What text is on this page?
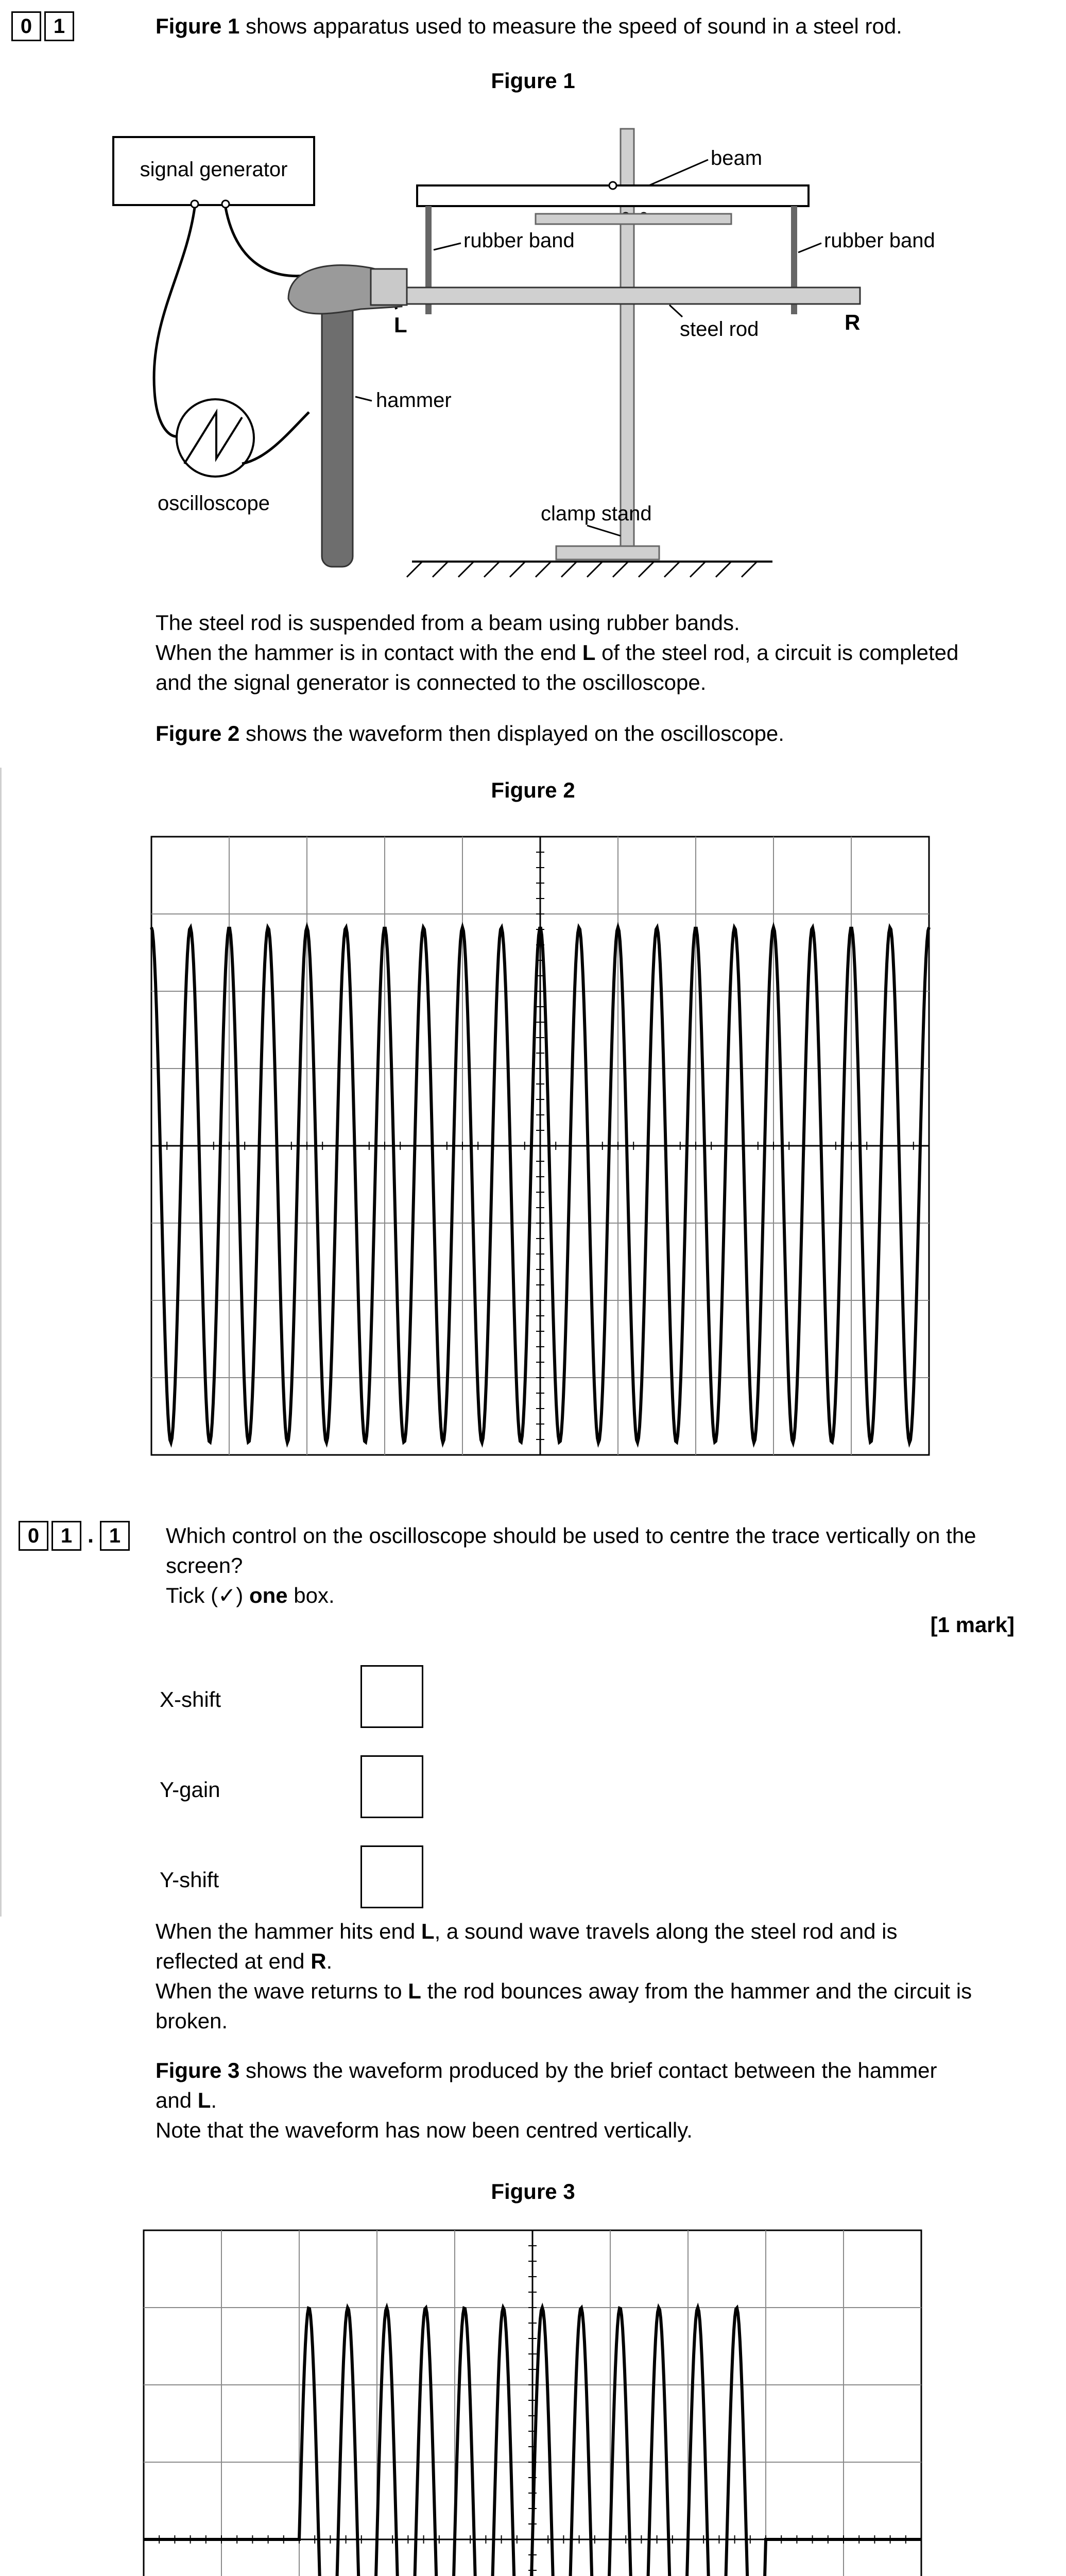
0	1	Figure 1 shows apparatus used to measure the speed of sound in a steel rod.
Figure 1
signal generator
oscilloscope
hammer
L
clamp stand
beam
rubber band	rubber band
steel rod	R
The steel rod is suspended from a beam using rubber bands.
When the hammer is in contact with the end L of the steel rod, a circuit is completed
and the signal generator is connected to the oscilloscope.
Figure 2 shows the waveform then displayed on the oscilloscope.
Figure 2
0	1 . 1	Which control on the oscilloscope should be used to centre the trace vertically on the
screen?
Tick (✓) one box.
[1 mark]
X-shift
Y-gain
Y-shift
When the hammer hits end L, a sound wave travels along the steel rod and is
reflected at end R.
When the wave returns to L the rod bounces away from the hammer and the circuit is
broken.
Figure 3 shows the waveform produced by the brief contact between the hammer
and L.
Note that the waveform has now been centred vertically.
Figure 3
